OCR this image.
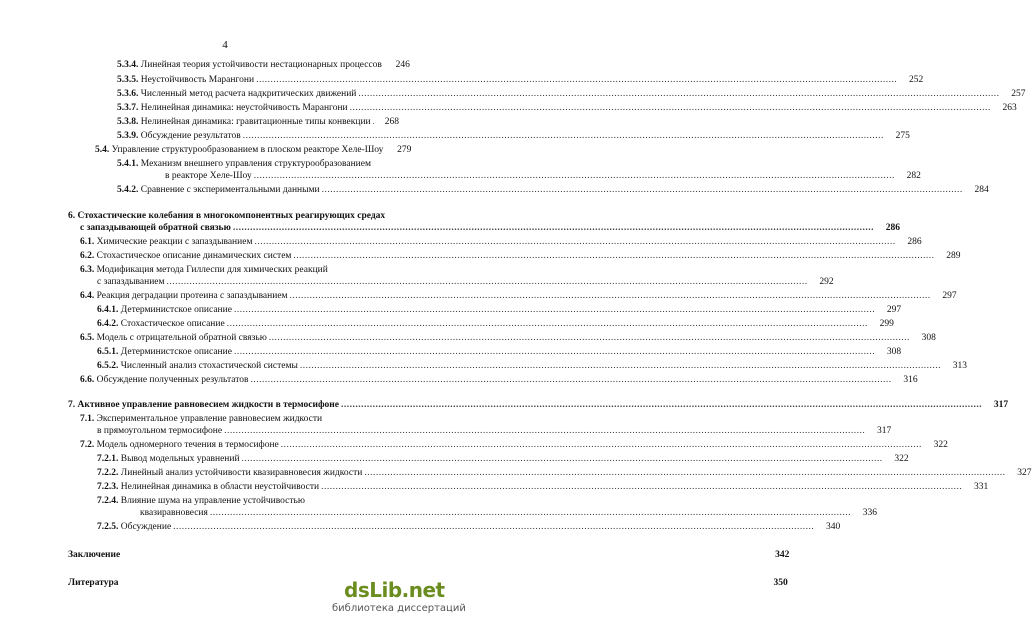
4
5.3.4. Линейная теория устойчивости нестационарных процессов	246
5.3.5. Неустойчивость Марангони .....	252
5.3.6. Численный метод расчета надкритических движений .....	257
5.3.7. Нелинейная динамика: неустойчивость Марангони .....	263
5.3.8. Нелинейная динамика: гравитационные типы конвекции .....	268
5.3.9. Обсуждение результатов .....	275
5.4. Управление структурообразованием в плоском реакторе Хеле-Шоу	279
5.4.1. Механизм внешнего управления структурообразованием
в реакторе Хеле-Шоу .....	282
5.4.2. Сравнение с экспериментальными данными .....	284
6. Стохастические колебания в многокомпонентных реагирующих средах
с запаздывающей обратной связью .....	286
6.1. Химические реакции с запаздыванием .....	286
6.2. Стохастическое описание динамических систем .....	289
6.3. Модификация метода Гиллеспи для химических реакций
с запаздыванием .....	292
6.4. Реакция деградации протеина с запаздыванием .....	297
6.4.1. Детерминистское описание .....	297
6.4.2. Стохастическое описание .....	299
6.5. Модель с отрицательной обратной связью .....	308
6.5.1. Детерминистское описание .....	308
6.5.2. Численный анализ стохастической системы .....	313
6.6. Обсуждение полученных результатов .....	316
7. Активное управление равновесием жидкости в термосифоне .....	317
7.1. Экспериментальное управление равновесием жидкости
в прямоугольном термосифоне .....	317
7.2. Модель одномерного течения в термосифоне .....	322
7.2.1. Вывод модельных уравнений .....	322
7.2.2. Линейный анализ устойчивости квазиравновесия жидкости .....	327
7.2.3. Нелинейная динамика в области неустойчивости .....	331
7.2.4. Влияние шума на управление устойчивостью
квазиравновесия .....	336
7.2.5. Обсуждение .....	340
Заключение	342
Литература	350
dsLib.net
библиотека диссертаций
